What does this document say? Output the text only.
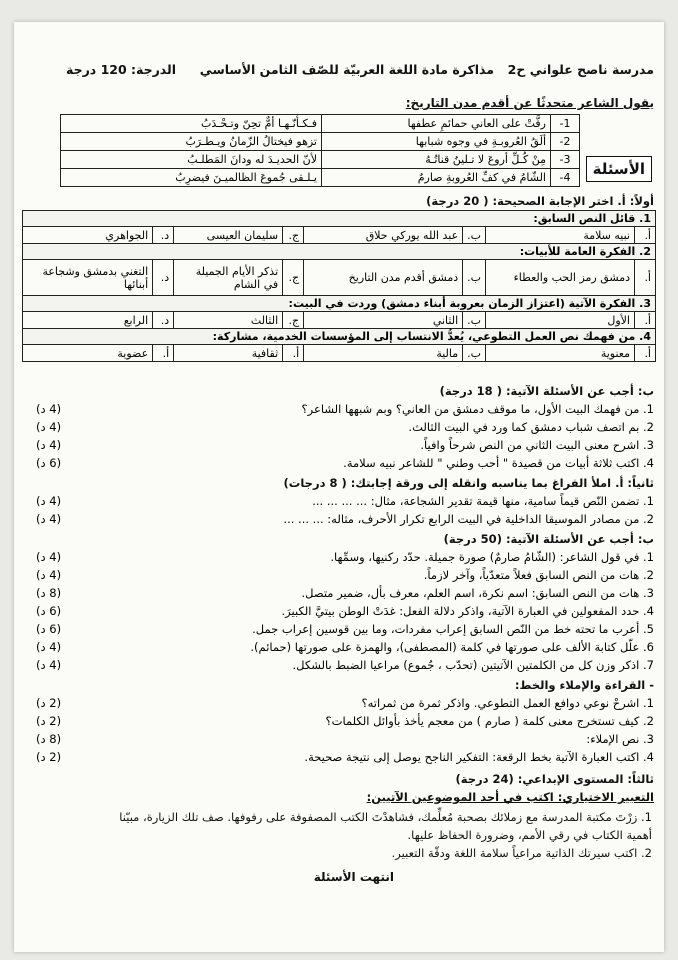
مدرسة ناصح علواني ح2
مذاكرة مادة اللغة العربيّة للصّف الثامن الأساسي
الدرجة: 120 درجة
يقول الشاعر متحدثًا عن أقدم مدن التاريخ:
1-	رفَّتْ على العاني حمائمِ عطفها	فـكـأنّـهـا أمٌّ تحِنّ وتـحْـدَبُ
2-	ألَقُ العُروبـةِ في وجوه شبابها	تزهو فيختالُ الزّمانُ ويـطـرَبُ
3-	مِنْ كُـلِّ أروعَ لا تـلينُ قناتُـهُ	لأنّ الحديـدَ له ودانَ المَطلـبُ
4-	الشّامُ في كفِّ العُروبةِ صارمٌ	يـلـقى جُموعَ الظالميـنَ فيضرِبُ	الأسئلة
أولاً: أ. اختر الإجابة الصحيحة: ( 20 درجة)
1. قائل النص السابق:							
أ.	نبيه سلامة	ب.	عبد الله يوركي حلاق	ج.	سليمان العيسى	د.	الجواهري
2. الفكرة العامة للأبيات:							
أ.	دمشق رمز الحب والعطاء	ب.	دمشق أقدم مدن التاريخ	ج.	تذكر الأيام الجميلة في الشام	د.	التغني بدمشق وشجاعة أبنائها
3. الفكرة الآتية (اعتزاز الزمان بعروبة أبناء دمشق) وردت في البيت:							
أ.	الأول	ب.	الثاني	ج.	الثالث	د.	الرابع
4. من فهمك نص العمل التطوعي، يُعدُّ الانتساب إلى المؤسسات الخدمية، مشاركة:							
أ.	معنوية	ب.	مالية	أ.	ثقافية	أ.	عضوية
ب: أجب عن الأسئلة الآتية: ( 18 درجة)
1. من فهمك البيت الأول، ما موقف دمشق من العاني؟ وبم شبهها الشاعر؟
(4 د)
2. بم اتصف شباب دمشق كما ورد في البيت الثالث.
(4 د)
3. اشرح معنى البيت الثاني من النص شرحاً وافياً.
(4 د)
4. اكتب ثلاثة أبيات من قصيدة " أحب وطني " للشاعر نبيه سلامة.
(6 د)
ثانياً: أ. املأ الفراغ بما يناسبه وانقله إلى ورقة إجابتك: ( 8 درجات)
1. تضمن النّص قيماً سامية، منها قيمة تقدير الشجاعة، مثال: ... ... ... ...
(4 د)
2. من مصادر الموسيقا الداخلية في البيت الرابع تكرار الأحرف، مثاله: ... ... ...
(4 د)
ب: أجب عن الأسئلة الآتية: (50 درجة)
1. في قول الشاعر: (الشّامُ صارمٌ) صورة جميلة. حدّد ركنيها، وسمِّها.
(4 د)
2. هات من النص السابق فعلاً متعدّياً، وآخر لازماً.
(4 د)
3. هات من النص السابق: اسم نكرة، اسم العلم، معرف بأل، ضمير متصل.
(8 د)
4. حدد المفعولين في العبارة الآتية، واذكر دلالة الفعل: غدَتْ الوطن بيتيَّ الكبيرَ.
(6 د)
5. أعرب ما تحته خط من النّص السابق إعراب مفردات، وما بين قوسين إعراب جمل.
(6 د)
6. علّل كتابة الألف على صورتها في كلمة (المصطفى)، والهمزة على صورتها (حمائم).
(4 د)
7. اذكر وزن كل من الكلمتين الآتيتين (تحدّب ، جُموع) مراعيا الضبط بالشكل.
(4 د)
- القراءة والإملاء والخط:
1. اشرحْ نوعي دوافع العمل التطوعي. واذكر ثمرة من ثمراته؟
(2 د)
2. كيف تستخرج معنى كلمة ( صارم ) من معجم يأخذ بأوائل الكلمات؟
(2 د)
3. نص الإملاء:
(8 د)
4. اكتب العبارة الآتية بخط الرقعة: التفكير الناجح يوصل إلى نتيجة صحيحة.
(2 د)
ثالثاً: المستوى الإبداعي: (24 درجة)
التعبير الاختياري: اكتب في أحد الموضوعين الآتيين:
1. زرْتَ مكتبة المدرسة مع زملائك بصحبة مُعلِّمك، فشاهدْتَ الكتب المصفوفة على رفوفها. صف تلك الزيارة، مبيّنا
أهمية الكتاب في رقي الأمم، وضرورة الحفاظ عليها.
2. اكتب سيرتك الذاتية مراعياً سلامة اللغة ودقّة التعبير.
انتهت الأسئلة
